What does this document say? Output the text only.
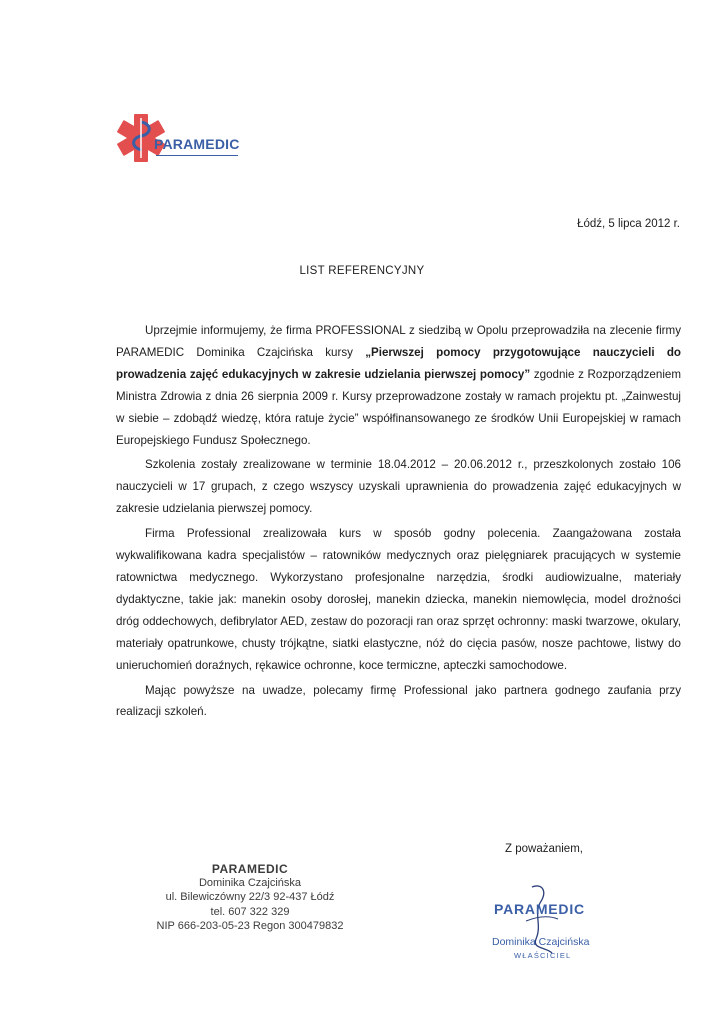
PARAMEDIC
Łódź, 5 lipca 2012 r.
LIST REFERENCYJNY

Uprzejmie informujemy, że firma PROFESSIONAL z siedzibą w Opolu przeprowadziła na zlecenie firmy PARAMEDIC Dominika Czajcińska kursy „Pierwszej pomocy przygotowujące nauczycieli do prowadzenia zajęć edukacyjnych w zakresie udzielania pierwszej pomocy” zgodnie z Rozporządzeniem Ministra Zdrowia z dnia 26 sierpnia 2009 r. Kursy przeprowadzone zostały w ramach projektu pt. „Zainwestuj w siebie – zdobądź wiedzę, która ratuje życie” współfinansowanego ze środków Unii Europejskiej w ramach Europejskiego Fundusz Społecznego.

Szkolenia zostały zrealizowane w terminie 18.04.2012 – 20.06.2012 r., przeszkolonych zostało 106 nauczycieli w 17 grupach, z czego wszyscy uzyskali uprawnienia do prowadzenia zajęć edukacyjnych w zakresie udzielania pierwszej pomocy.

Firma Professional zrealizowała kurs w sposób godny polecenia. Zaangażowana została wykwalifikowana kadra specjalistów – ratowników medycznych oraz pielęgniarek pracujących w systemie ratownictwa medycznego. Wykorzystano profesjonalne narzędzia, środki audiowizualne, materiały dydaktyczne, takie jak: manekin osoby dorosłej, manekin dziecka, manekin niemowlęcia, model drożności dróg oddechowych, defibrylator AED, zestaw do pozoracji ran oraz sprzęt ochronny: maski twarzowe, okulary, materiały opatrunkowe, chusty trójkątne, siatki elastyczne, nóż do cięcia pasów, nosze pachtowe, listwy do unieruchomień doraźnych, rękawice ochronne, koce termiczne, apteczki samochodowe.

Mając powyższe na uwadze, polecamy firmę Professional jako partnera godnego zaufania przy realizacji szkoleń.

Z poważaniem,
PARAMEDIC
Dominika Czajcińska
ul. Bilewiczówny 22/3 92-437 Łódź
tel. 607 322 329
NIP 666-203-05-23 Regon 300479832
PARAMEDIC
Dominika Czajcińska
WŁAŚCICIEL
